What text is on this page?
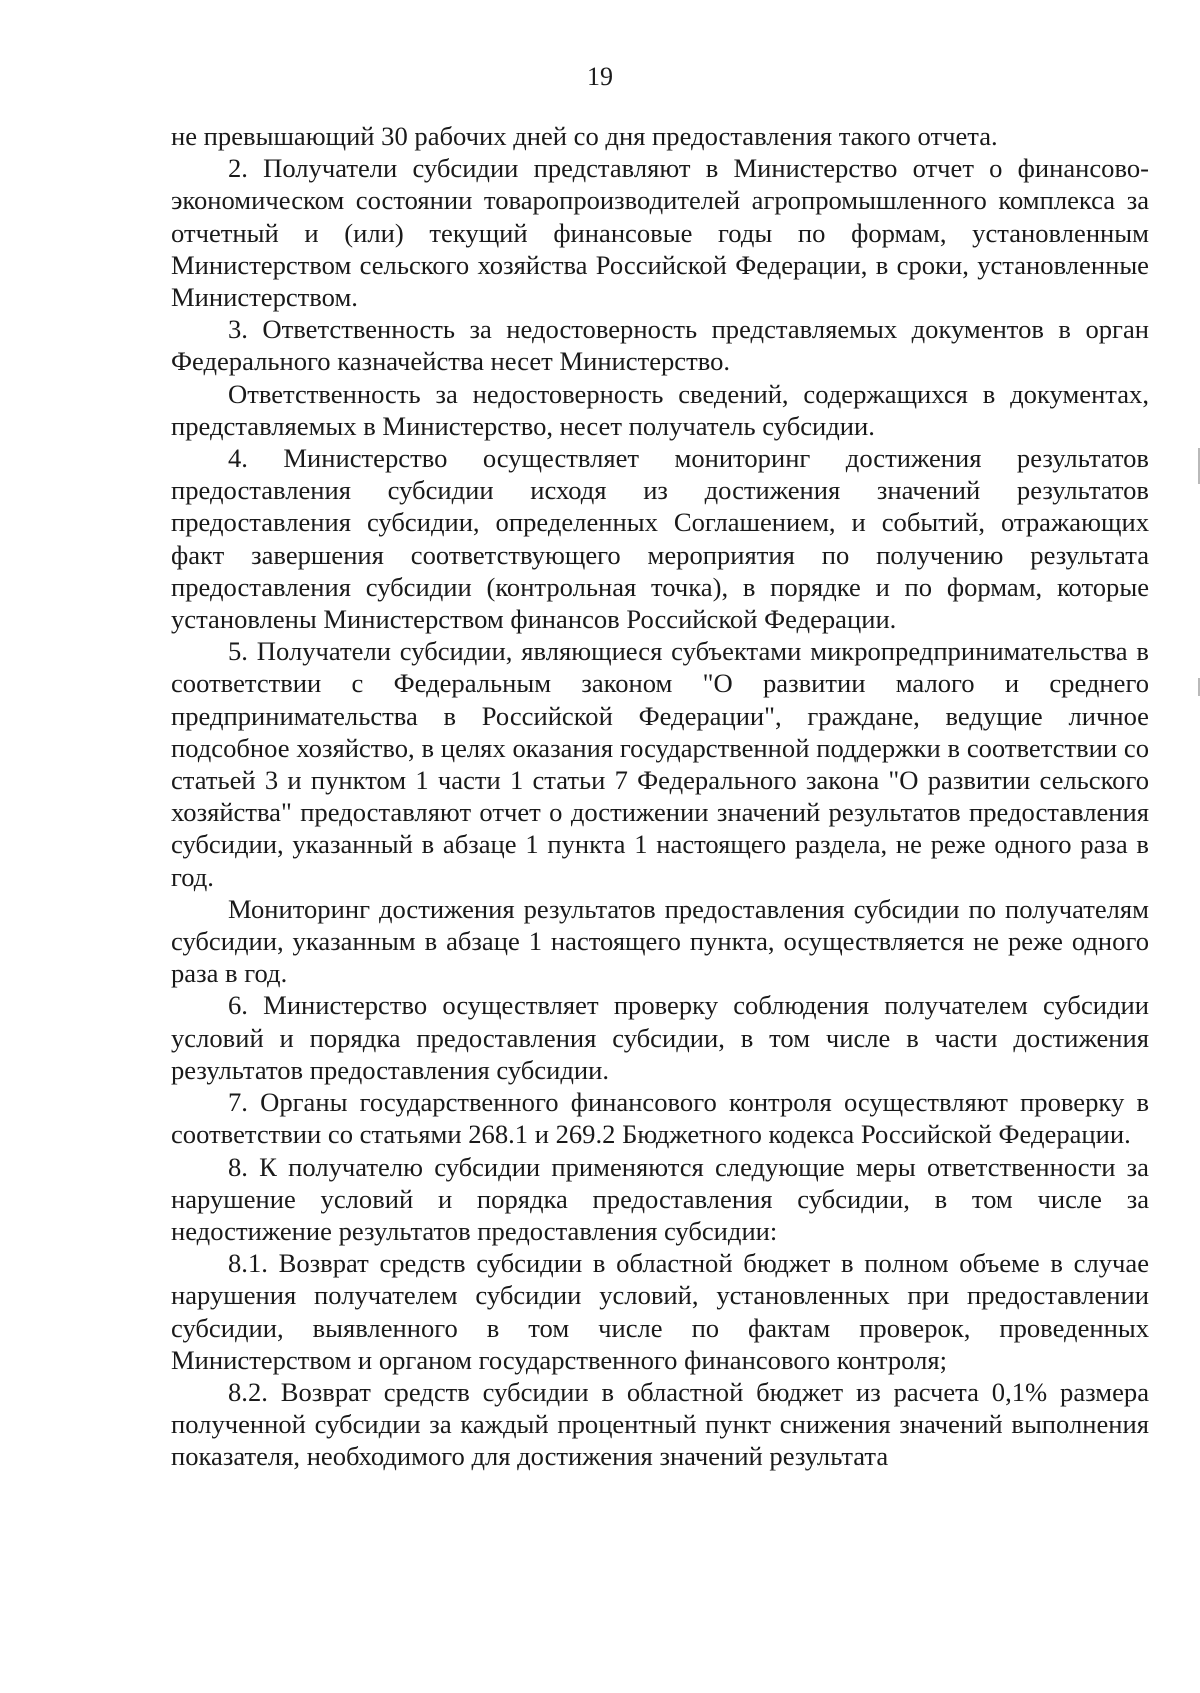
19

не превышающий 30 рабочих дней со дня предоставления такого отчета.

2. Получатели субсидии представляют в Министерство отчет о финансово-экономическом состоянии товаропроизводителей агропромышленного комплекса за отчетный и (или) текущий финансовые годы по формам, установленным Министерством сельского хозяйства Российской Федерации, в сроки, установленные Министерством.

3. Ответственность за недостоверность представляемых документов в орган Федерального казначейства несет Министерство.

Ответственность за недостоверность сведений, содержащихся в документах, представляемых в Министерство, несет получатель субсидии.

4. Министерство осуществляет мониторинг достижения результатов предоставления субсидии исходя из достижения значений результатов предоставления субсидии, определенных Соглашением, и событий, отражающих факт завершения соответствующего мероприятия по получению результата предоставления субсидии (контрольная точка), в порядке и по формам, которые установлены Министерством финансов Российской Федерации.

5. Получатели субсидии, являющиеся субъектами микропредпринимательства в соответствии с Федеральным законом "О развитии малого и среднего предпринимательства в Российской Федерации", граждане, ведущие личное подсобное хозяйство, в целях оказания государственной поддержки в соответствии со статьей 3 и пунктом 1 части 1 статьи 7 Федерального закона "О развитии сельского хозяйства" предоставляют отчет о достижении значений результатов предоставления субсидии, указанный в абзаце 1 пункта 1 настоящего раздела, не реже одного раза в год.

Мониторинг достижения результатов предоставления субсидии по получателям субсидии, указанным в абзаце 1 настоящего пункта, осуществляется не реже одного раза в год.

6. Министерство осуществляет проверку соблюдения получателем субсидии условий и порядка предоставления субсидии, в том числе в части достижения результатов предоставления субсидии.

7. Органы государственного финансового контроля осуществляют проверку в соответствии со статьями 268.1 и 269.2 Бюджетного кодекса Российской Федерации.

8. К получателю субсидии применяются следующие меры ответственности за нарушение условий и порядка предоставления субсидии, в том числе за недостижение результатов предоставления субсидии:

8.1. Возврат средств субсидии в областной бюджет в полном объеме в случае нарушения получателем субсидии условий, установленных при предоставлении субсидии, выявленного в том числе по фактам проверок, проведенных Министерством и органом государственного финансового контроля;

8.2. Возврат средств субсидии в областной бюджет из расчета 0,1% размера полученной субсидии за каждый процентный пункт снижения значений выполнения показателя, необходимого для достижения значений результата
